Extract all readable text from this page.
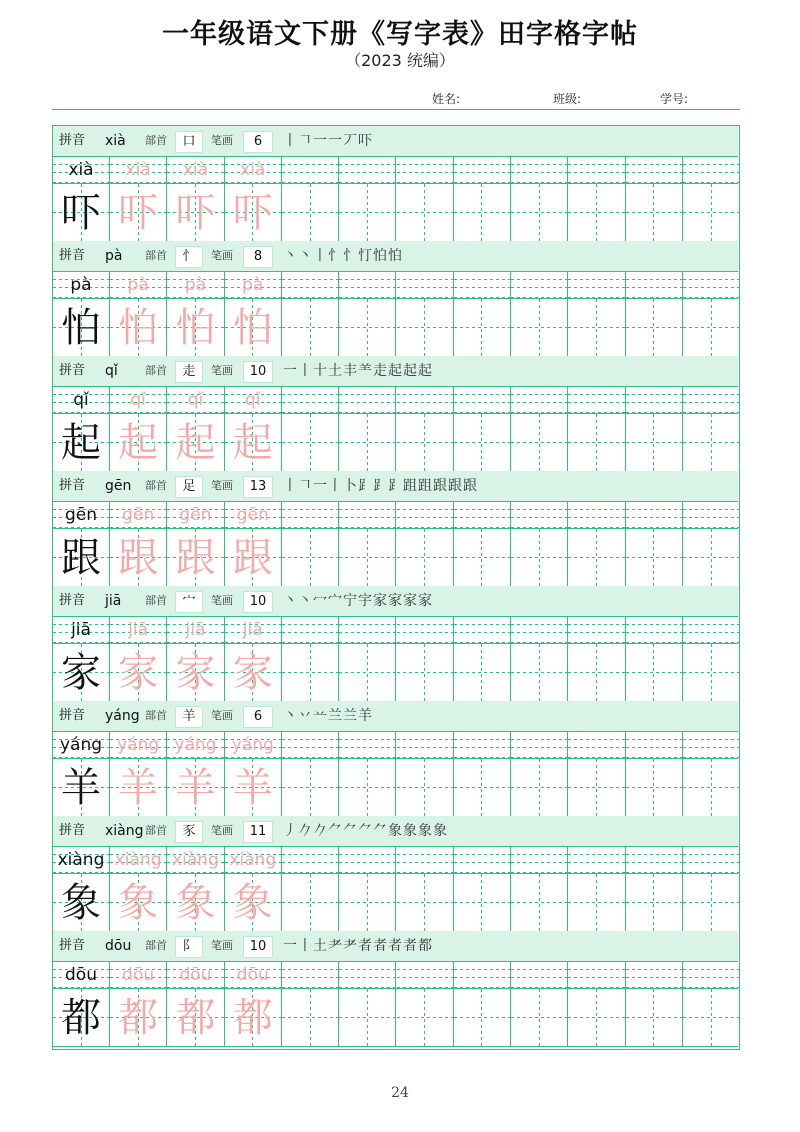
一年级语文下册《写字表》田字格字帖
（2023 统编）
姓名:	班级:	学号:
拼音 xià 部首	口	笔画	6	丨𠃍一一丆吓
xià	xià	xià	xià
吓 吓 吓 吓
拼音 pà 部首	忄	笔画	8	丶丶丨忄忄忊怕怕
pà	pà	pà	pà
怕 怕 怕 怕
拼音 qǐ 部首	走	笔画	10	一丨十土丰⺷走起起起
qǐ	qǐ	qǐ	qǐ
起 起 起 起
拼音 gēn 部首	足	笔画	13	丨𠃍一丨卜⻊⻊⻊跙跙跟跟跟
gēn	gēn	gēn	gēn
跟 跟 跟 跟
拼音 jiā 部首	宀	笔画	10	丶丶冖宀宁宇家家家家
jiā	jiā	jiā	jiā
家 家 家 家
拼音 yáng 部首	羊	笔画	6	丶丷䒑兰兰羊
yáng yáng yáng yáng
羊 羊 羊 羊
拼音 xiàng 部首	豕	笔画	11	丿𠂊𠂊⺈⺈⺈⺈象象象象
xiàng xiàng xiàng xiàng
象 象 象 象
拼音 dōu 部首	阝	笔画	10	一丨土耂耂者者者者都
dōu	dōu	dōu	dōu
都 都 都 都
24
